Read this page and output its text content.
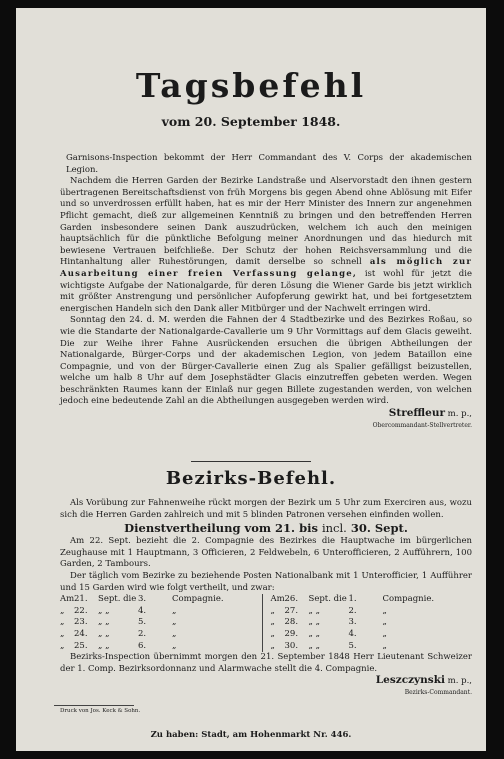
Tagsbefehl
vom 20. September 1848.

Garnisons-Inspection bekommt der Herr Commandant des V. Corps der akademischen Legion.

Nachdem die Herren Garden der Bezirke Landstraße und Alservorstadt den ihnen gestern übertragenen Bereitschaftsdienst von früh Morgens bis gegen Abend ohne Ablösung mit Eifer und so unverdrossen erfüllt haben, hat es mir der Herr Minister des Innern zur angenehmen Pflicht gemacht, dieß zur allgemeinen Kenntniß zu bringen und den betreffenden Herren Garden insbesondere seinen Dank auszudrücken, welchem ich auch den meinigen hauptsächlich für die pünktliche Befolgung meiner Anordnungen und das hiedurch mit bewiesene Vertrauen beifchließe. Der Schutz der hohen Reichsversammlung und die Hintanhaltung aller Ruhestörungen, damit derselbe so schnell als möglich zur Ausarbeitung einer freien Verfassung gelange, ist wohl für jetzt die wichtigste Aufgabe der Nationalgarde, für deren Lösung die Wiener Garde bis jetzt wirklich mit größter Anstrengung und persönlicher Aufopferung gewirkt hat, und bei fortgesetztem energischen Handeln sich den Dank aller Mitbürger und der Nachwelt erringen wird.

Sonntag den 24. d. M. werden die Fahnen der 4 Stadtbezirke und des Bezirkes Roßau, so wie die Standarte der Nationalgarde-Cavallerie um 9 Uhr Vormittags auf dem Glacis geweiht. Die zur Weihe ihrer Fahne Ausrückenden ersuchen die übrigen Abtheilungen der Nationalgarde, Bürger-Corps und der akademischen Legion, von jedem Bataillon eine Compagnie, und von der Bürger-Cavallerie einen Zug als Spalier gefälligst beizustellen, welche um halb 8 Uhr auf dem Josephstädter Glacis einzutreffen gebeten werden. Wegen beschränkten Raumes kann der Einlaß nur gegen Billete zugestanden werden, von welchen jedoch eine bedeutende Zahl an die Abtheilungen ausgegeben werden wird.

Streffleur m. p.,
Obercommandant-Stellvertreter.
Bezirks-Befehl.

Als Vorübung zur Fahnenweihe rückt morgen der Bezirk um 5 Uhr zum Exerciren aus, wozu sich die Herren Garden zahlreich und mit 5 blinden Patronen versehen einfinden wollen.

Dienstvertheilung vom 21. bis incl. 30. Sept.

Am 22. Sept. bezieht die 2. Compagnie des Bezirkes die Hauptwache im bürgerlichen Zeughause mit 1 Hauptmann, 3 Officieren, 2 Feldwebeln, 6 Unterofficieren, 2 Aufführern, 100 Garden, 2 Tambours.

Der täglich vom Bezirke zu beziehende Posten Nationalbank mit 1 Unterofficier, 1 Aufführer und 15 Garden wird wie folgt vertheilt, und zwar:

Am 21.	Sept. die 3.	Compagnie.
„	22.	„ „	4.	„
„	23.	„ „	5.	„
„	24.	„ „	2.	„
„	25.	„ „	6.	„
Am 26.	Sept. die 1.	Compagnie.
„	27.	„ „	2.	„
„	28.	„ „	3.	„
„	29.	„ „	4.	„
„	30.	„ „	5.	„

Bezirks-Inspection übernimmt morgen den 21. September 1848 Herr Lieutenant Schweizer der 1. Comp. Bezirksordonnanz und Alarmwache stellt die 4. Compagnie.

Leszczynski m. p.,
Bezirks-Commandant.
Druck von Jos. Keck & Sohn.
Zu haben: Stadt, am Hohenmarkt Nr. 446.
